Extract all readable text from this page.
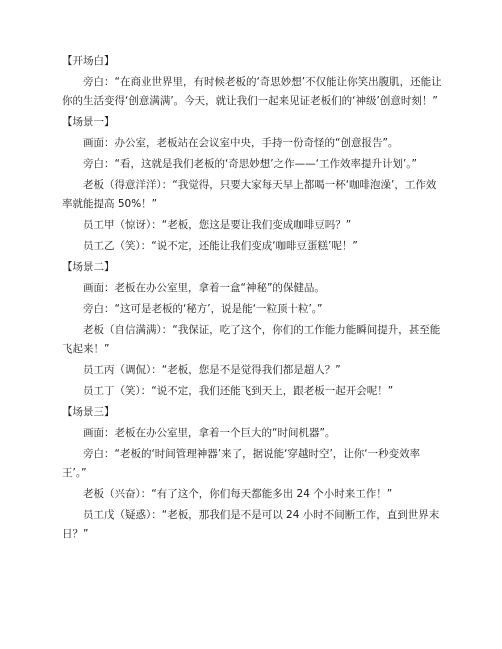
【开场白】

旁白：“在商业世界里，有时候老板的‘奇思妙想’不仅能让你笑出腹肌，还能让你的生活变得‘创意满满’。今天，就让我们一起来见证老板们的‘神级’创意时刻！”

【场景一】

画面：办公室，老板站在会议室中央，手持一份奇怪的“创意报告”。

旁白：“看，这就是我们老板的‘奇思妙想’之作——‘工作效率提升计划’。”

老板（得意洋洋）：“我觉得，只要大家每天早上都喝一杯‘咖啡泡澡’，工作效率就能提高 50%！”

员工甲（惊讶）：“老板，您这是要让我们变成咖啡豆吗？”

员工乙（笑）：“说不定，还能让我们变成‘咖啡豆蛋糕’呢！”

【场景二】

画面：老板在办公室里，拿着一盒“神秘”的保健品。

旁白：“这可是老板的‘秘方’，说是能‘一粒顶十粒’。”

老板（自信满满）：“我保证，吃了这个，你们的工作能力能瞬间提升，甚至能飞起来！”

员工丙（调侃）：“老板，您是不是觉得我们都是超人？”

员工丁（笑）：“说不定，我们还能飞到天上，跟老板一起开会呢！”

【场景三】

画面：老板在办公室里，拿着一个巨大的“时间机器”。

旁白：“老板的‘时间管理神器’来了，据说能‘穿越时空’，让你‘一秒变效率王’。”

老板（兴奋）：“有了这个，你们每天都能多出 24 个小时来工作！”

员工戊（疑惑）：“老板，那我们是不是可以 24 小时不间断工作，直到世界末日？”
